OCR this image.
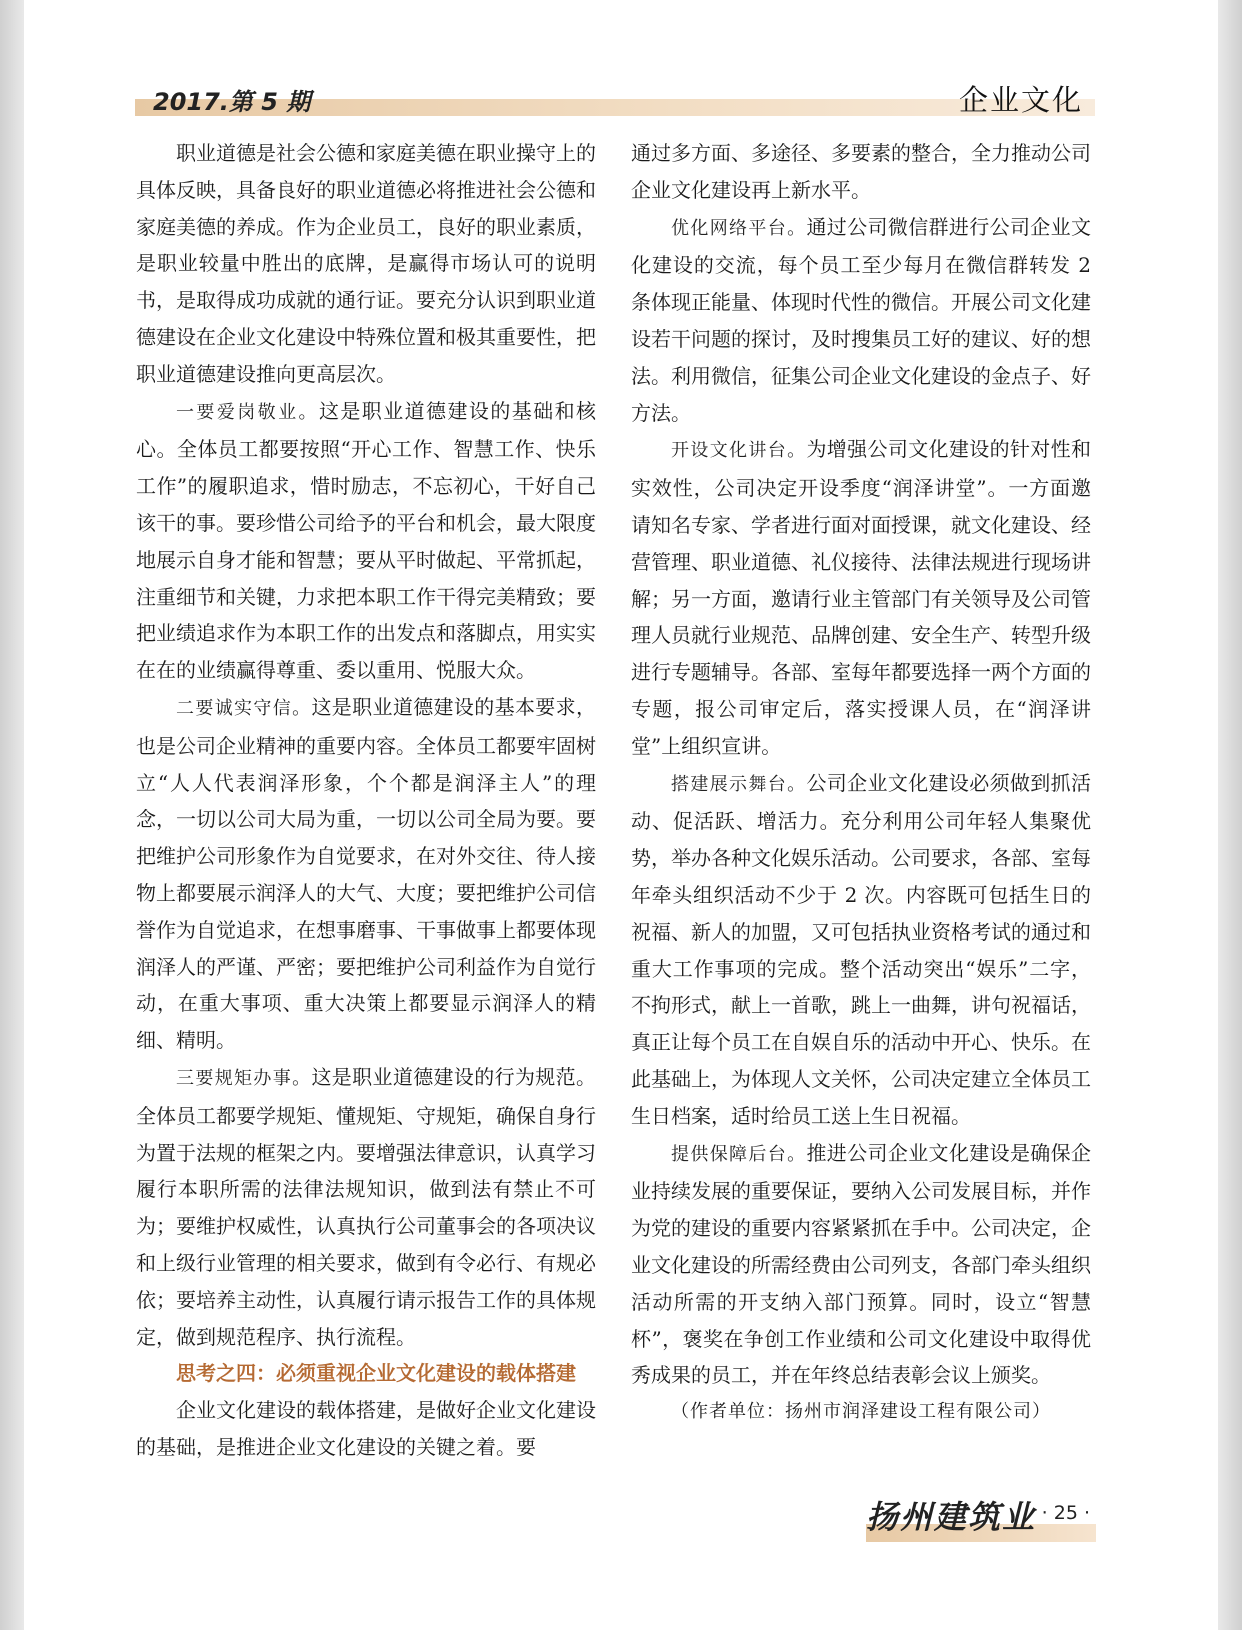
2017.第 5 期	企业文化

职业道德是社会公德和家庭美德在职业操守上的具体反映，具备良好的职业道德必将推进社会公德和家庭美德的养成。作为企业员工，良好的职业素质，是职业较量中胜出的底牌，是赢得市场认可的说明书，是取得成功成就的通行证。要充分认识到职业道德建设在企业文化建设中特殊位置和极其重要性，把职业道德建设推向更高层次。

一要爱岗敬业。这是职业道德建设的基础和核心。全体员工都要按照“开心工作、智慧工作、快乐工作”的履职追求，惜时励志，不忘初心，干好自己该干的事。要珍惜公司给予的平台和机会，最大限度地展示自身才能和智慧；要从平时做起、平常抓起，注重细节和关键，力求把本职工作干得完美精致；要把业绩追求作为本职工作的出发点和落脚点，用实实在在的业绩赢得尊重、委以重用、悦服大众。

二要诚实守信。这是职业道德建设的基本要求，也是公司企业精神的重要内容。全体员工都要牢固树立“人人代表润泽形象，个个都是润泽主人”的理念，一切以公司大局为重，一切以公司全局为要。要把维护公司形象作为自觉要求，在对外交往、待人接物上都要展示润泽人的大气、大度；要把维护公司信誉作为自觉追求，在想事磨事、干事做事上都要体现润泽人的严谨、严密；要把维护公司利益作为自觉行动，在重大事项、重大决策上都要显示润泽人的精细、精明。

三要规矩办事。这是职业道德建设的行为规范。全体员工都要学规矩、懂规矩、守规矩，确保自身行为置于法规的框架之内。要增强法律意识，认真学习履行本职所需的法律法规知识，做到法有禁止不可为；要维护权威性，认真执行公司董事会的各项决议和上级行业管理的相关要求，做到有令必行、有规必依；要培养主动性，认真履行请示报告工作的具体规定，做到规范程序、执行流程。

思考之四：必须重视企业文化建设的载体搭建

企业文化建设的载体搭建，是做好企业文化建设的基础，是推进企业文化建设的关键之着。要

通过多方面、多途径、多要素的整合，全力推动公司企业文化建设再上新水平。

优化网络平台。通过公司微信群进行公司企业文化建设的交流，每个员工至少每月在微信群转发 2 条体现正能量、体现时代性的微信。开展公司文化建设若干问题的探讨，及时搜集员工好的建议、好的想法。利用微信，征集公司企业文化建设的金点子、好方法。

开设文化讲台。为增强公司文化建设的针对性和实效性，公司决定开设季度“润泽讲堂”。一方面邀请知名专家、学者进行面对面授课，就文化建设、经营管理、职业道德、礼仪接待、法律法规进行现场讲解；另一方面，邀请行业主管部门有关领导及公司管理人员就行业规范、品牌创建、安全生产、转型升级进行专题辅导。各部、室每年都要选择一两个方面的专题，报公司审定后，落实授课人员，在“润泽讲堂”上组织宣讲。

搭建展示舞台。公司企业文化建设必须做到抓活动、促活跃、增活力。充分利用公司年轻人集聚优势，举办各种文化娱乐活动。公司要求，各部、室每年牵头组织活动不少于 2 次。内容既可包括生日的祝福、新人的加盟，又可包括执业资格考试的通过和重大工作事项的完成。整个活动突出“娱乐”二字，不拘形式，献上一首歌，跳上一曲舞，讲句祝福话，真正让每个员工在自娱自乐的活动中开心、快乐。在此基础上，为体现人文关怀，公司决定建立全体员工生日档案，适时给员工送上生日祝福。

提供保障后台。推进公司企业文化建设是确保企业持续发展的重要保证，要纳入公司发展目标，并作为党的建设的重要内容紧紧抓在手中。公司决定，企业文化建设的所需经费由公司列支，各部门牵头组织活动所需的开支纳入部门预算。同时，设立“智慧杯”，褒奖在争创工作业绩和公司文化建设中取得优秀成果的员工，并在年终总结表彰会议上颁奖。

（作者单位：扬州市润泽建设工程有限公司）

扬州建筑业 · 25 ·
